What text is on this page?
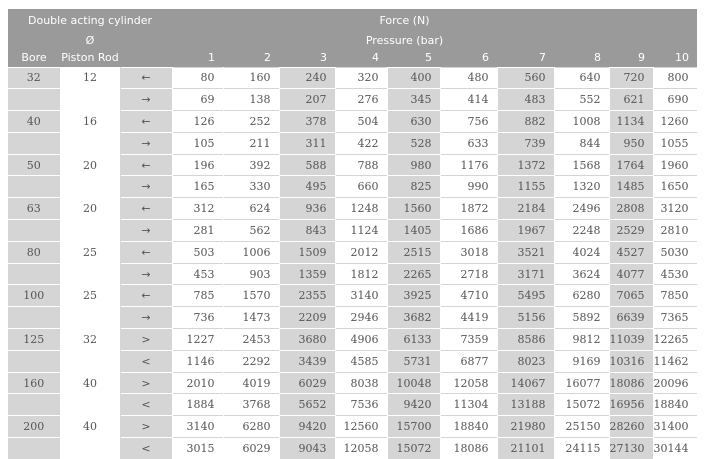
Double acting cylinder			Force (N)									
	Ø		Pressure (bar)									
Bore	Piston Rod		1	2	3	4	5	6	7	8	9	10
32	12	←	80	160	240	320	400	480	560	640	720	800
		→	69	138	207	276	345	414	483	552	621	690
40	16	←	126	252	378	504	630	756	882	1008	1134	1260
		→	105	211	311	422	528	633	739	844	950	1055
50	20	←	196	392	588	788	980	1176	1372	1568	1764	1960
		→	165	330	495	660	825	990	1155	1320	1485	1650
63	20	←	312	624	936	1248	1560	1872	2184	2496	2808	3120
		→	281	562	843	1124	1405	1686	1967	2248	2529	2810
80	25	←	503	1006	1509	2012	2515	3018	3521	4024	4527	5030
		→	453	903	1359	1812	2265	2718	3171	3624	4077	4530
100	25	←	785	1570	2355	3140	3925	4710	5495	6280	7065	7850
		→	736	1473	2209	2946	3682	4419	5156	5892	6639	7365
125	32	>	1227	2453	3680	4906	6133	7359	8586	9812	11039	12265
		<	1146	2292	3439	4585	5731	6877	8023	9169	10316	11462
160	40	>	2010	4019	6029	8038	10048	12058	14067	16077	18086	20096
		<	1884	3768	5652	7536	9420	11304	13188	15072	16956	18840
200	40	>	3140	6280	9420	12560	15700	18840	21980	25150	28260	31400
		<	3015	6029	9043	12058	15072	18086	21101	24115	27130	30144
